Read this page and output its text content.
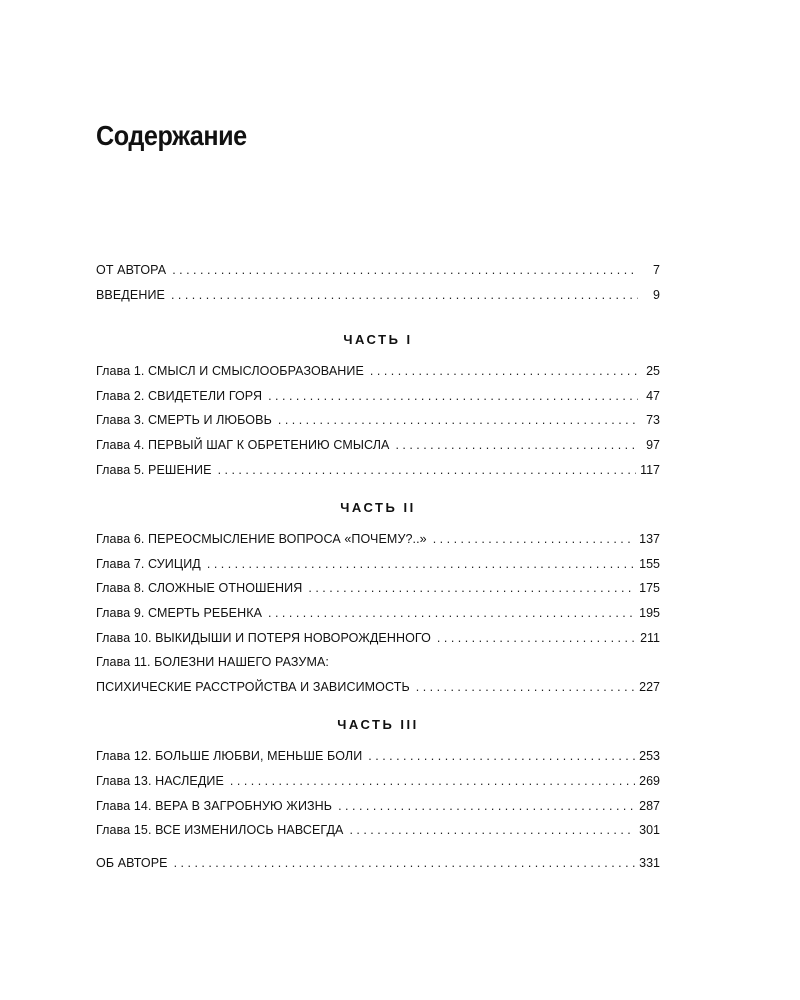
Содержание
ОТ АВТОРА . . .	7
ВВЕДЕНИЕ . . .	9
ЧАСТЬ I
Глава 1. СМЫСЛ И СМЫСЛООБРАЗОВАНИЕ . . .	25
Глава 2. СВИДЕТЕЛИ ГОРЯ . . .	47
Глава 3. СМЕРТЬ И ЛЮБОВЬ . . .	73
Глава 4. ПЕРВЫЙ ШАГ К ОБРЕТЕНИЮ СМЫСЛА . . .	97
Глава 5. РЕШЕНИЕ . . .	117
ЧАСТЬ II
Глава 6. ПЕРЕОСМЫСЛЕНИЕ ВОПРОСА «ПОЧЕМУ?..» . . .	137
Глава 7. СУИЦИД . . .	155
Глава 8. СЛОЖНЫЕ ОТНОШЕНИЯ . . .	175
Глава 9. СМЕРТЬ РЕБЕНКА . . .	195
Глава 10. ВЫКИДЫШИ И ПОТЕРЯ НОВОРОЖДЕННОГО . . .	211
Глава 11. БОЛЕЗНИ НАШЕГО РАЗУМА:
ПСИХИЧЕСКИЕ РАССТРОЙСТВА И ЗАВИСИМОСТЬ . . .	227
ЧАСТЬ III
Глава 12. БОЛЬШЕ ЛЮБВИ, МЕНЬШЕ БОЛИ . . .	253
Глава 13. НАСЛЕДИЕ . . .	269
Глава 14. ВЕРА В ЗАГРОБНУЮ ЖИЗНЬ . . .	287
Глава 15. ВСЕ ИЗМЕНИЛОСЬ НАВСЕГДА . . .	301
ОБ АВТОРЕ . . .	331
